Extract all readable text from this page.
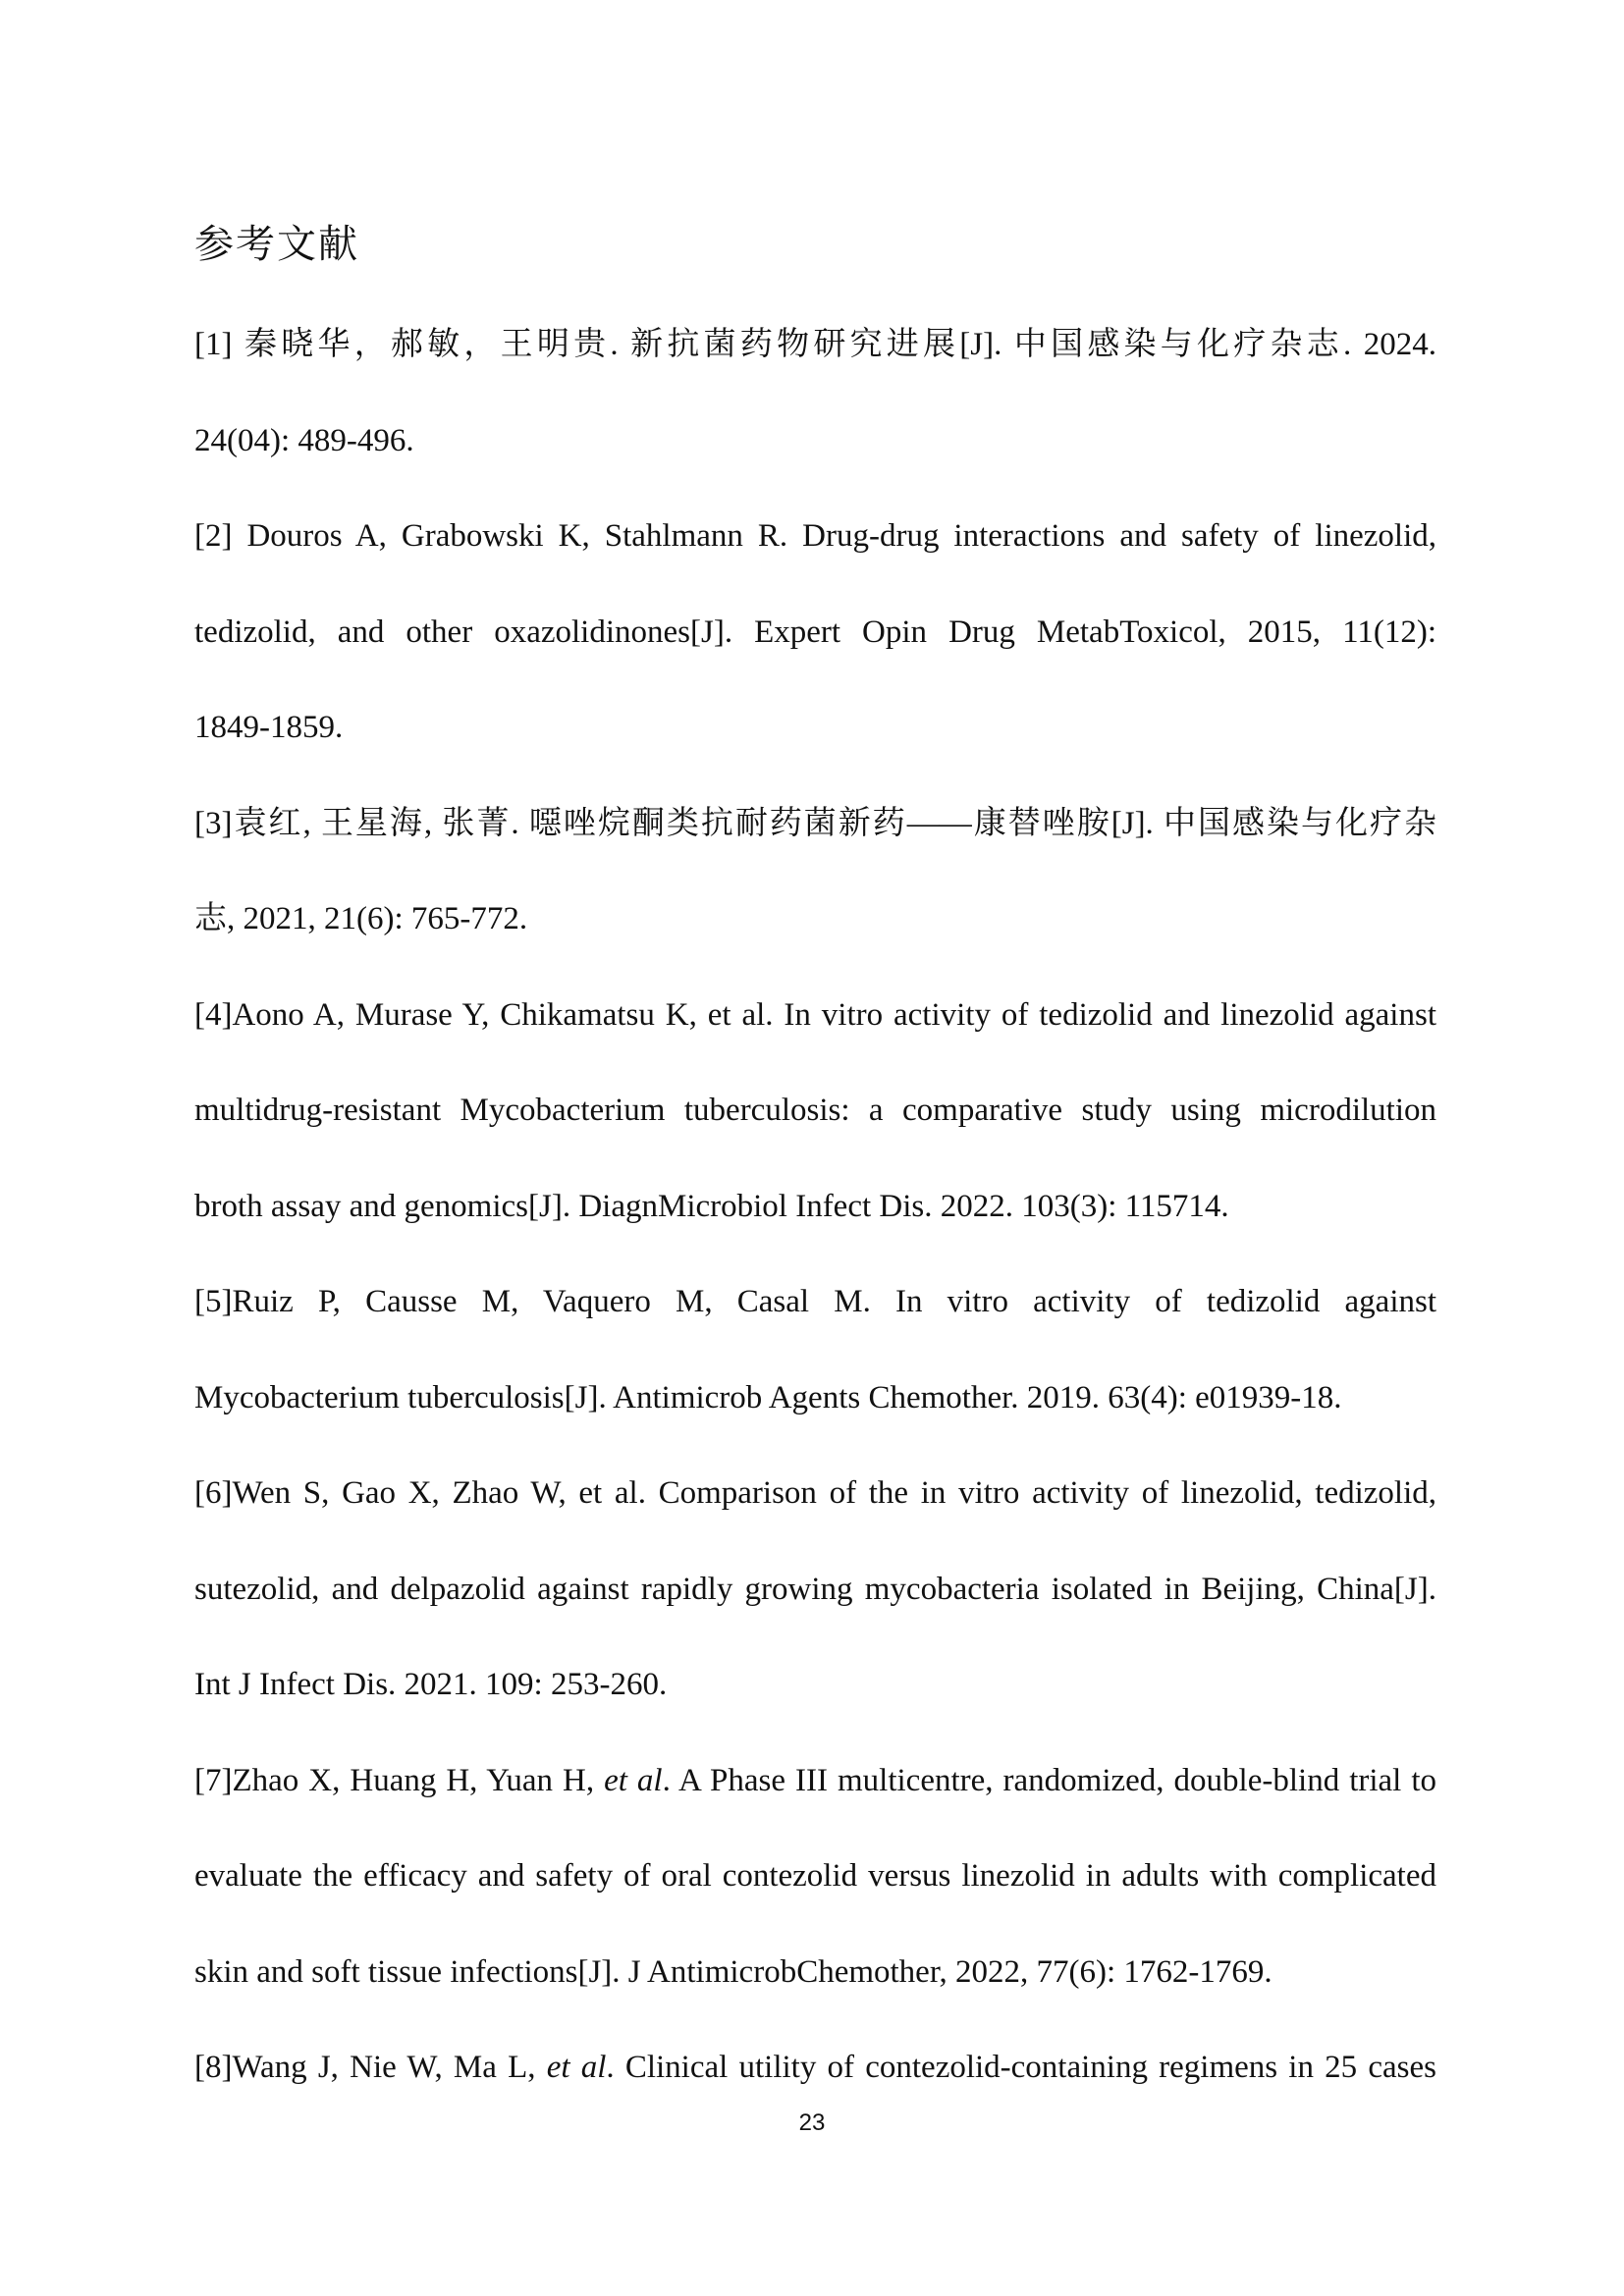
参考文献
[1] 秦晓华，郝敏，王明贵. 新抗菌药物研究进展[J]. 中国感染与化疗杂志. 2024.
24(04): 489-496.
[2] Douros A, Grabowski K, Stahlmann R. Drug-drug interactions and safety of linezolid,
tedizolid, and other oxazolidinones[J]. Expert Opin Drug MetabToxicol, 2015, 11(12):
1849-1859.
[3]袁红, 王星海, 张菁. 噁唑烷酮类抗耐药菌新药——康替唑胺[J]. 中国感染与化疗杂
志, 2021, 21(6): 765-772.
[4]Aono A, Murase Y, Chikamatsu K, et al. In vitro activity of tedizolid and linezolid against
multidrug-resistant Mycobacterium tuberculosis: a comparative study using microdilution
broth assay and genomics[J]. DiagnMicrobiol Infect Dis. 2022. 103(3): 115714.
[5]Ruiz P, Causse M, Vaquero M, Casal M. In vitro activity of tedizolid against
Mycobacterium tuberculosis[J]. Antimicrob Agents Chemother. 2019. 63(4): e01939-18.
[6]Wen S, Gao X, Zhao W, et al. Comparison of the in vitro activity of linezolid, tedizolid,
sutezolid, and delpazolid against rapidly growing mycobacteria isolated in Beijing, China[J].
Int J Infect Dis. 2021. 109: 253-260.
[7]Zhao X, Huang H, Yuan H, et al. A Phase III multicentre, randomized, double-blind trial to
evaluate the efficacy and safety of oral contezolid versus linezolid in adults with complicated
skin and soft tissue infections[J]. J AntimicrobChemother, 2022, 77(6): 1762-1769.
[8]Wang J, Nie W, Ma L, et al. Clinical utility of contezolid-containing regimens in 25 cases
23
